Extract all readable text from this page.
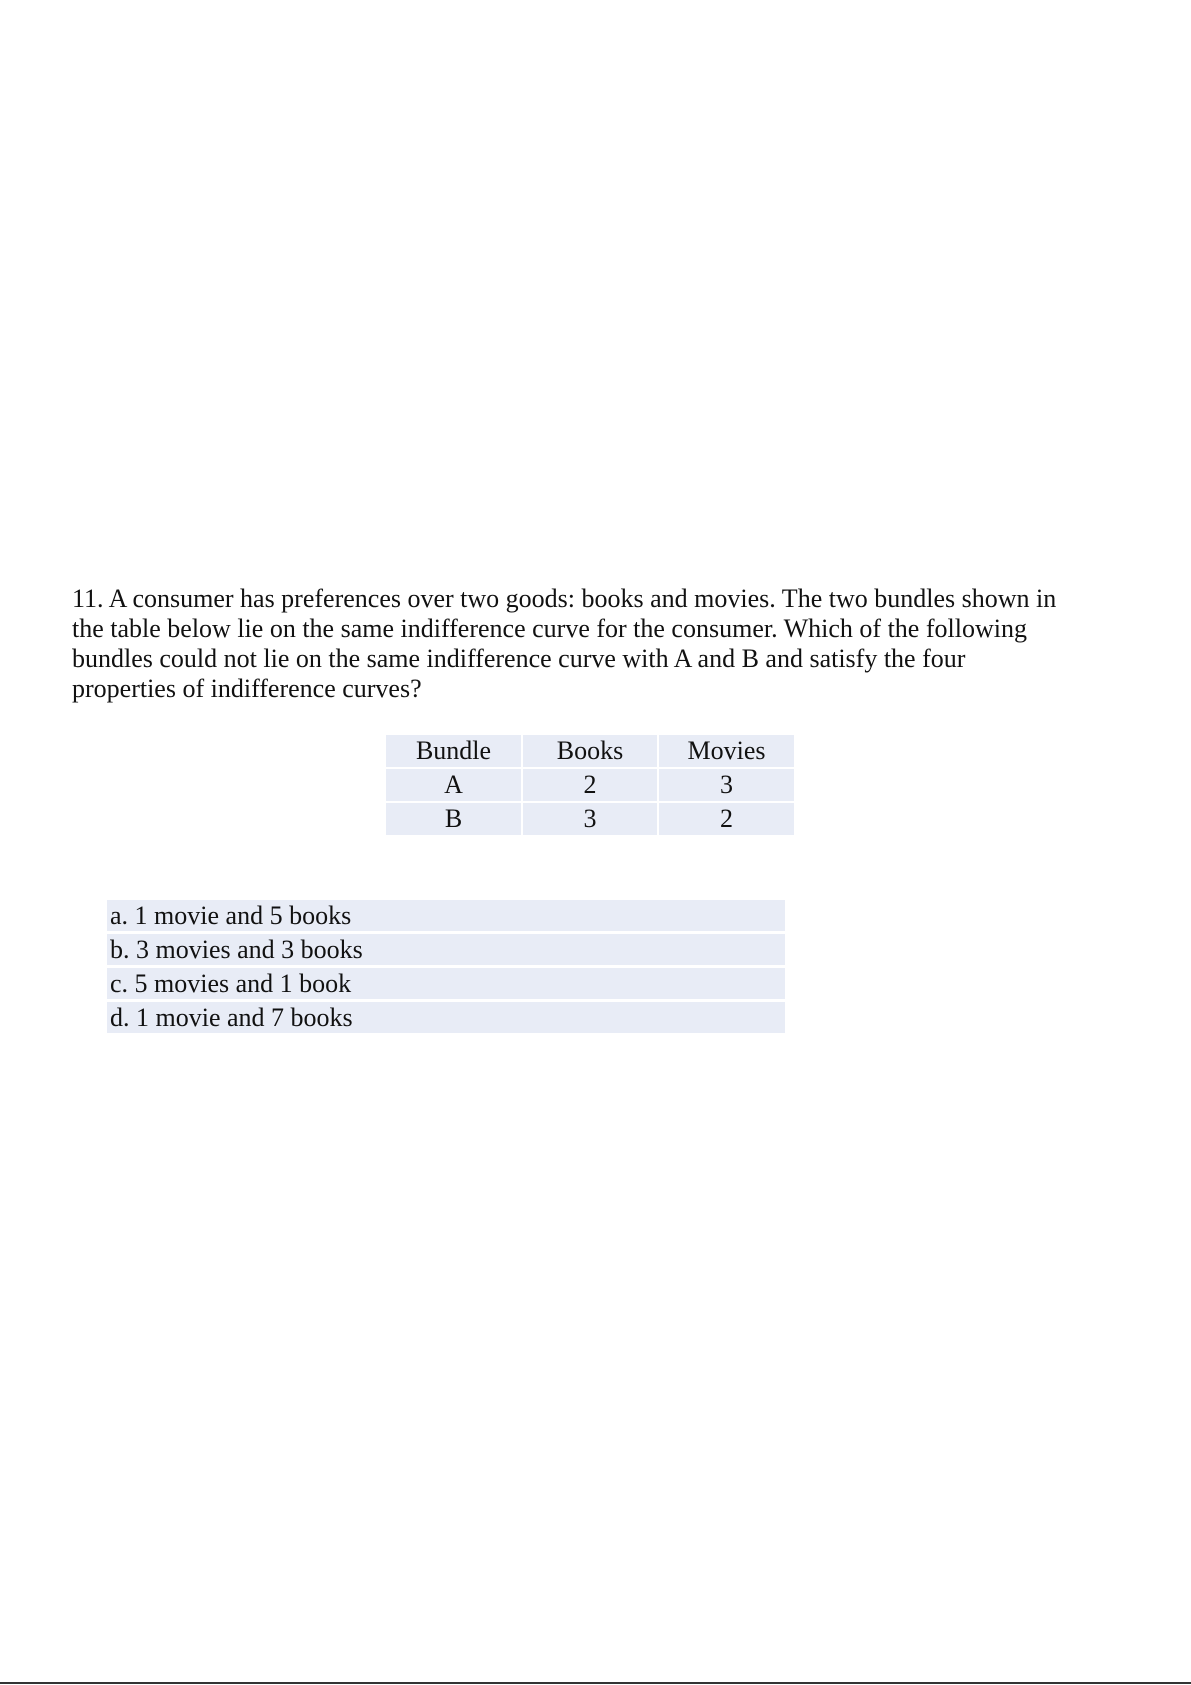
11. A consumer has preferences over two goods: books and movies. The two bundles shown in the table below lie on the same indifference curve for the consumer. Which of the following bundles could not lie on the same indifference curve with A and B and satisfy the four properties of indifference curves?

Bundle	Books	Movies
A	2	3
B	3	2
a. 1 movie and 5 books
b. 3 movies and 3 books
c. 5 movies and 1 book
d. 1 movie and 7 books
